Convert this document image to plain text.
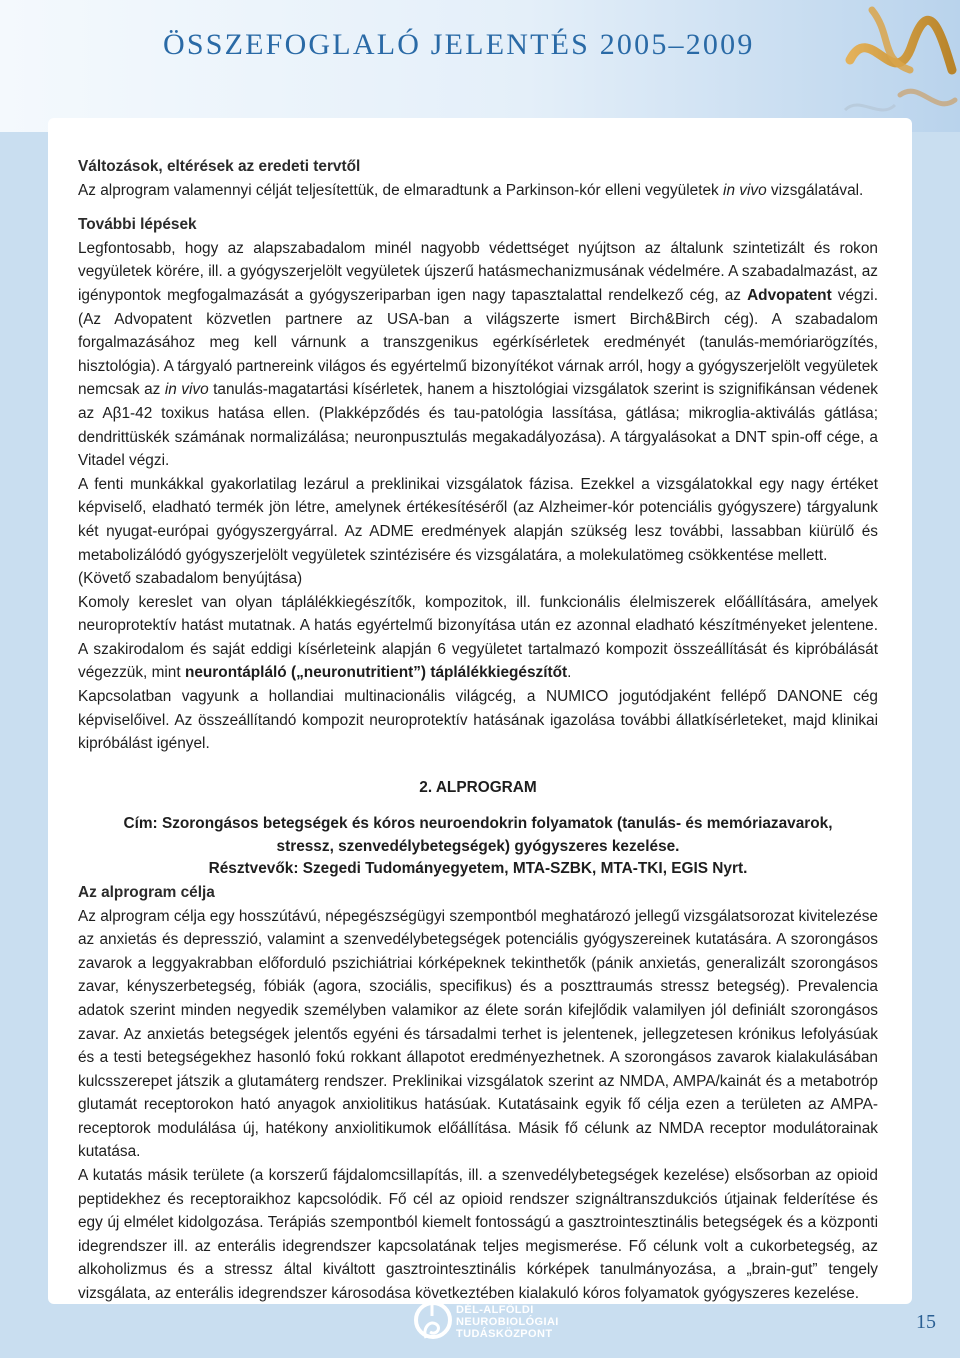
ÖSSZEFOGLALÓ JELENTÉS 2005–2009

Változások, eltérések az eredeti tervtől

Az alprogram valamennyi célját teljesítettük, de elmaradtunk a Parkinson-kór elleni vegyületek in vivo vizsgálatával.

További lépések

Legfontosabb, hogy az alapszabadalom minél nagyobb védettséget nyújtson az általunk szintetizált és rokon vegyületek körére, ill. a gyógyszerjelölt vegyületek újszerű hatásmechanizmusának védelmére. A szabadalmazást, az igénypontok megfogalmazását a gyógyszeriparban igen nagy tapasztalattal rendelkező cég, az Advopatent végzi. (Az Advopatent közvetlen partnere az USA-ban a világszerte ismert Birch&Birch cég). A szabadalom forgalmazásához meg kell várnunk a transzgenikus egérkísérletek eredményét (tanulás-memóriarögzítés, hisztológia). A tárgyaló partnereink világos és egyértelmű bizonyítékot várnak arról, hogy a gyógyszerjelölt vegyületek nemcsak az in vivo tanulás-magatartási kísérletek, hanem a hisztológiai vizsgálatok szerint is szignifikánsan védenek az Aβ1-42 toxikus hatása ellen. (Plakképződés és tau-patológia lassítása, gátlása; mikroglia-aktiválás gátlása; dendrittüskék számának normalizálása; neuronpusztulás megakadályozása). A tárgyalásokat a DNT spin-off cége, a Vitadel végzi.

A fenti munkákkal gyakorlatilag lezárul a preklinikai vizsgálatok fázisa. Ezekkel a vizsgálatokkal egy nagy értéket képviselő, eladható termék jön létre, amelynek értékesítéséről (az Alzheimer-kór potenciális gyógyszere) tárgyalunk két nyugat-európai gyógyszergyárral. Az ADME eredmények alapján szükség lesz további, lassabban kiürülő és metabolizálódó gyógyszerjelölt vegyületek szintézisére és vizsgálatára, a molekulatömeg csökkentése mellett.

(Követő szabadalom benyújtása)

Komoly kereslet van olyan táplálékkiegészítők, kompozitok, ill. funkcionális élelmiszerek előállítására, amelyek neuroprotektív hatást mutatnak. A hatás egyértelmű bizonyítása után ez azonnal eladható készítményeket jelentene. A szakirodalom és saját eddigi kísérleteink alapján 6 vegyületet tartalmazó kompozit összeállítását és kipróbálását végezzük, mint neurontápláló („neuronutritient”) táplálékkiegészítőt.

Kapcsolatban vagyunk a hollandiai multinacionális világcég, a NUMICO jogutódjaként fellépő DANONE cég képviselőivel. Az összeállítandó kompozit neuroprotektív hatásának igazolása további állatkísérleteket, majd klinikai kipróbálást igényel.

2. ALPROGRAM

Cím: Szorongásos betegségek és kóros neuroendokrin folyamatok (tanulás- és memóriazavarok,

stressz, szenvedélybetegségek) gyógyszeres kezelése.

Résztvevők: Szegedi Tudományegyetem, MTA-SZBK, MTA-TKI, EGIS Nyrt.

Az alprogram célja

Az alprogram célja egy hosszútávú, népegészségügyi szempontból meghatározó jellegű vizsgálatsorozat kivitelezése az anxietás és depresszió, valamint a szenvedélybetegségek potenciális gyógyszereinek kutatására. A szorongásos zavarok a leggyakrabban előforduló pszichiátriai kórképeknek tekinthetők (pánik anxietás, generalizált szorongásos zavar, kényszerbetegség, fóbiák (agora, szociális, specifikus) és a poszttraumás stressz betegség). Prevalencia adatok szerint minden negyedik személyben valamikor az élete során kifejlődik valamilyen jól definiált szorongásos zavar. Az anxietás betegségek jelentős egyéni és társadalmi terhet is jelentenek, jellegzetesen krónikus lefolyásúak és a testi betegségekhez hasonló fokú rokkant állapotot eredményezhetnek. A szorongásos zavarok kialakulásában kulcsszerepet játszik a glutamáterg rendszer. Preklinikai vizsgálatok szerint az NMDA, AMPA/kainát és a metabotróp glutamát receptorokon ható anyagok anxiolitikus hatásúak. Kutatásaink egyik fő célja ezen a területen az AMPA-receptorok modulálása új, hatékony anxiolitikumok előállítása. Másik fő célunk az NMDA receptor modulátorainak kutatása.

A kutatás másik területe (a korszerű fájdalomcsillapítás, ill. a szenvedélybetegségek kezelése) elsősorban az opioid peptidekhez és receptoraikhoz kapcsolódik. Fő cél az opioid rendszer szignáltranszdukciós útjainak felderítése és egy új elmélet kidolgozása. Terápiás szempontból kiemelt fontosságú a gasztrointesztinális betegségek és a központi idegrendszer ill. az enterális idegrendszer kapcsolatának teljes megismerése. Fő célunk volt a cukorbetegség, az alkoholizmus és a stressz által kiváltott gasztrointesztinális kórképek tanulmányozása, a „brain-gut” tengely vizsgálata, az enterális idegrendszer károsodása következtében kialakuló kóros folyamatok gyógyszeres kezelése.

DÉL-ALFÖLDI
NEUROBIOLÓGIAI
TUDÁSKÖZPONT
15
